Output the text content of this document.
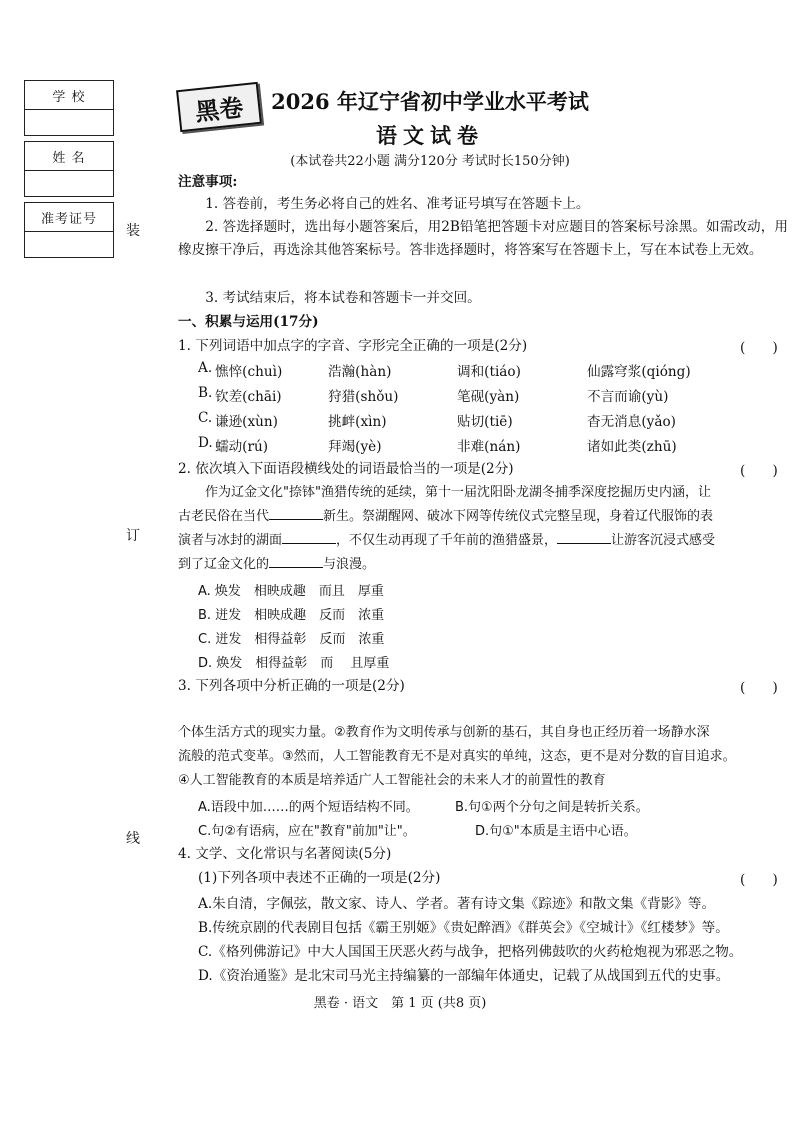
学 校
姓 名
准考证号
装
订
线
黑卷	2026 年辽宁省初中学业水平考试
语文试卷
(本试卷共22小题 满分120分 考试时长150分钟)
注意事项:
1. 答卷前，考生务必将自己的姓名、准考证号填写在答题卡上。
2. 答选择题时，选出每小题答案后，用2B铅笔把答题卡对应题目的答案标号涂黑。如需改动，用橡皮擦干净后，再选涂其他答案标号。答非选择题时，将答案写在答题卡上，写在本试卷上无效。
3. 考试结束后，将本试卷和答题卡一并交回。
一、积累与运用(17分)
1. 下列词语中加点字的字音、字形完全正确的一项是(2分)	(　　)
A. 憔悴(chuì)	浩瀚(hàn)	调和(tiáo)	仙露穹浆(qióng)
B. 钦差(chāi)	狩猎(shǒu)	笔砚(yàn)	不言而谕(yù)
C. 谦逊(xùn)	挑衅(xìn)	贴切(tiē)	杳无消息(yǎo)
D. 蠕动(rú)	拜竭(yè)	非难(nán)	诸如此类(zhū)
2. 依次填入下面语段横线处的词语最恰当的一项是(2分)	(　　)
作为辽金文化"捺钵"渔猎传统的延续，第十一届沈阳卧龙湖冬捕季深度挖掘历史内涵，让
古老民俗在当代	新生。祭湖醒网、破冰下网等传统仪式完整呈现，身着辽代服饰的表
演者与冰封的湖面	，不仅生动再现了千年前的渔猎盛景，	让游客沉浸式感受
到了辽金文化的	与浪漫。
A. 焕发　相映成趣　而且　厚重
B. 迸发　相映成趣　反而　浓重
C. 迸发　相得益彰　反而　浓重
D. 焕发　相得益彰　而　 且厚重
3. 下列各项中分析正确的一项是(2分)	(　　)
个体生活方式的现实力量。②教育作为文明传承与创新的基石，其自身也正经历着一场静水深
流般的范式变革。③然而，人工智能教育无不是对真实的单纯，这态，更不是对分数的盲目追求。
④人工智能教育的本质是培养适广人工智能社会的未来人才的前置性的教育
A.语段中加……的两个短语结构不同。	B.句①两个分句之间是转折关系。
C.句②有语病，应在"教育"前加"让"。	D.句①"本质是主语中心语。
4. 文学、文化常识与名著阅读(5分)
(1)下列各项中表述不正确的一项是(2分)	(　　)
A.朱自清，字佩弦，散文家、诗人、学者。著有诗文集《踪迹》和散文集《背影》等。
B.传统京剧的代表剧目包括《霸王别姬》《贵妃醉酒》《群英会》《空城计》《红楼梦》等。
C.《格列佛游记》中大人国国王厌恶火药与战争，把格列佛鼓吹的火药枪炮视为邪恶之物。
D.《资治通鉴》是北宋司马光主持编纂的一部编年体通史，记载了从战国到五代的史事。
黑卷 · 语文　第 1 页 (共8 页)
